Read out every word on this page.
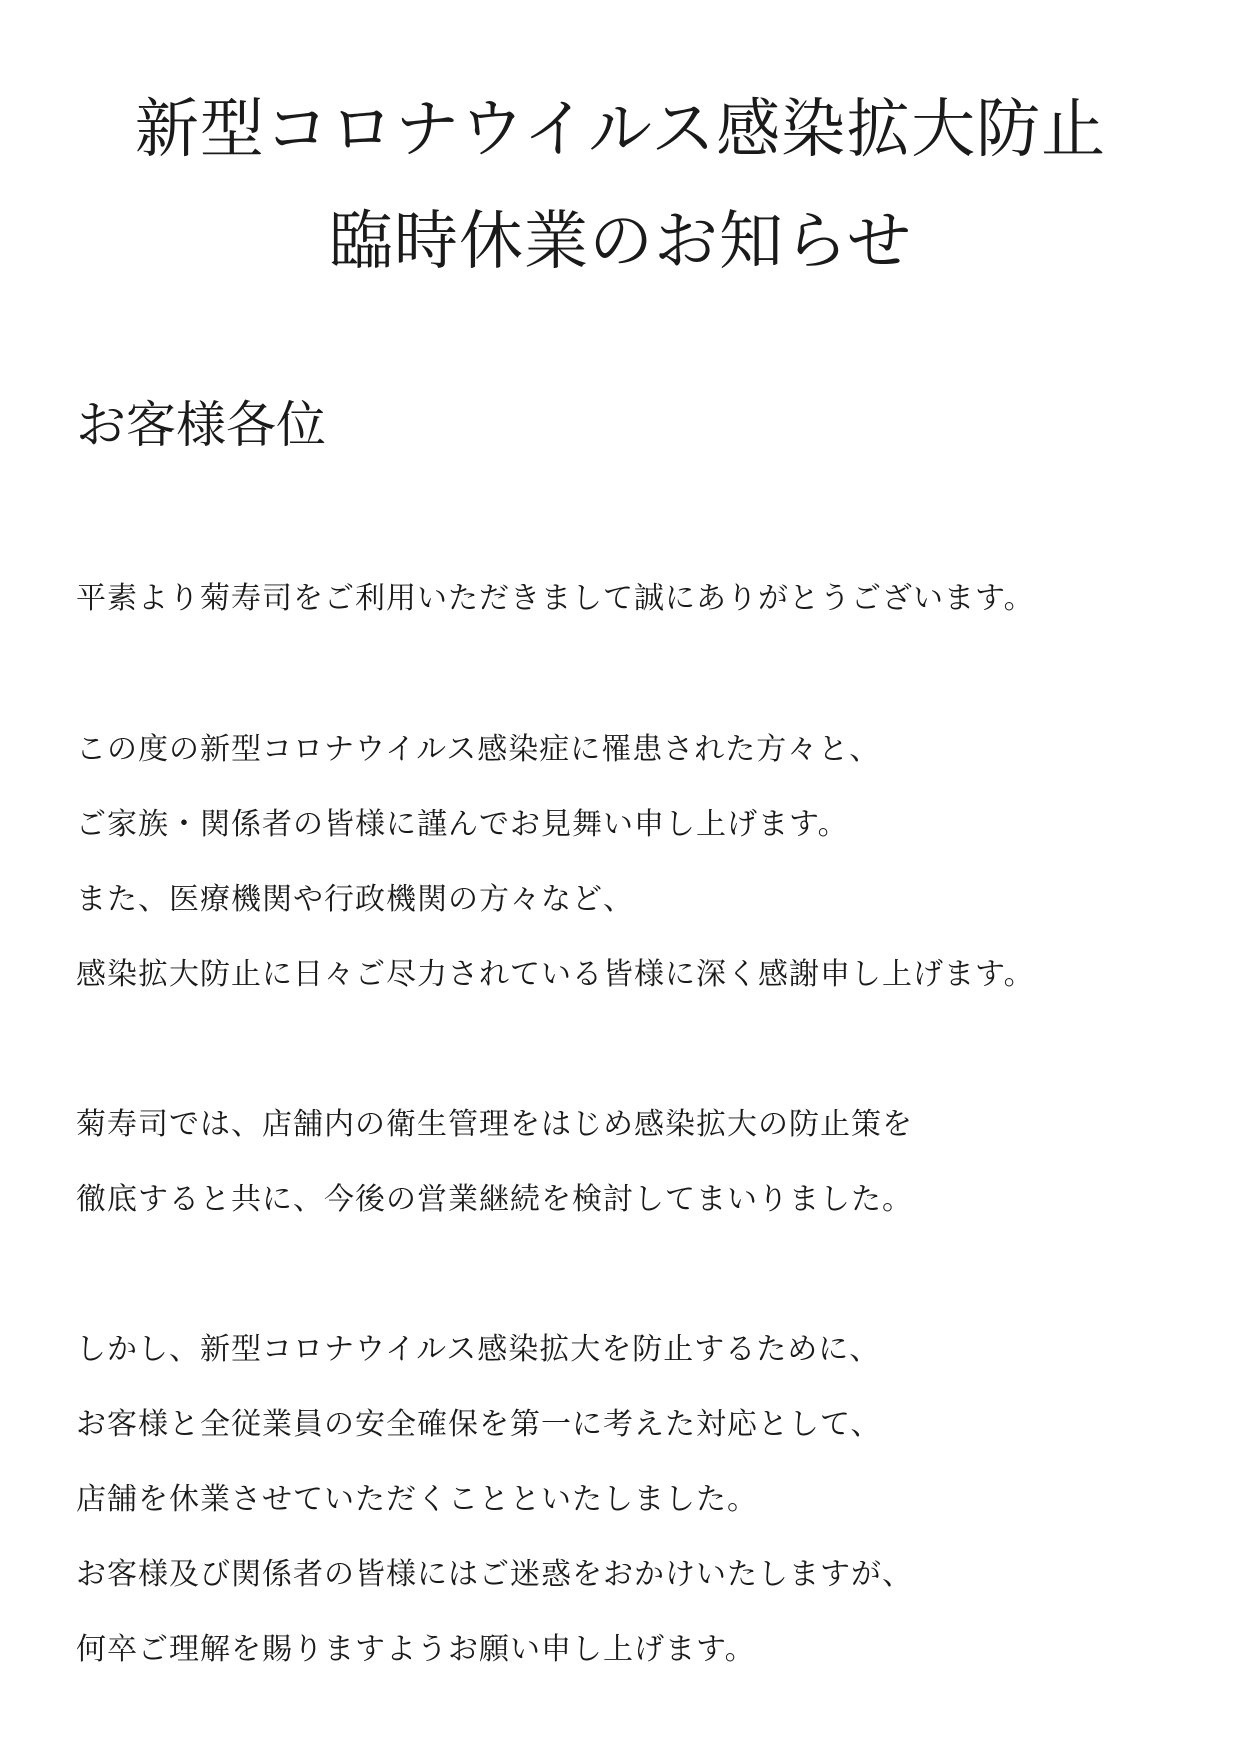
新型コロナウイルス感染拡大防止
臨時休業のお知らせ

お客様各位

平素より菊寿司をご利用いただきまして誠にありがとうございます。

この度の新型コロナウイルス感染症に罹患された方々と、

ご家族・関係者の皆様に謹んでお見舞い申し上げます。

また、医療機関や行政機関の方々など、

感染拡大防止に日々ご尽力されている皆様に深く感謝申し上げます。

菊寿司では、店舗内の衛生管理をはじめ感染拡大の防止策を

徹底すると共に、今後の営業継続を検討してまいりました。

しかし、新型コロナウイルス感染拡大を防止するために、

お客様と全従業員の安全確保を第一に考えた対応として、

店舗を休業させていただくことといたしました。

お客様及び関係者の皆様にはご迷惑をおかけいたしますが、

何卒ご理解を賜りますようお願い申し上げます。
